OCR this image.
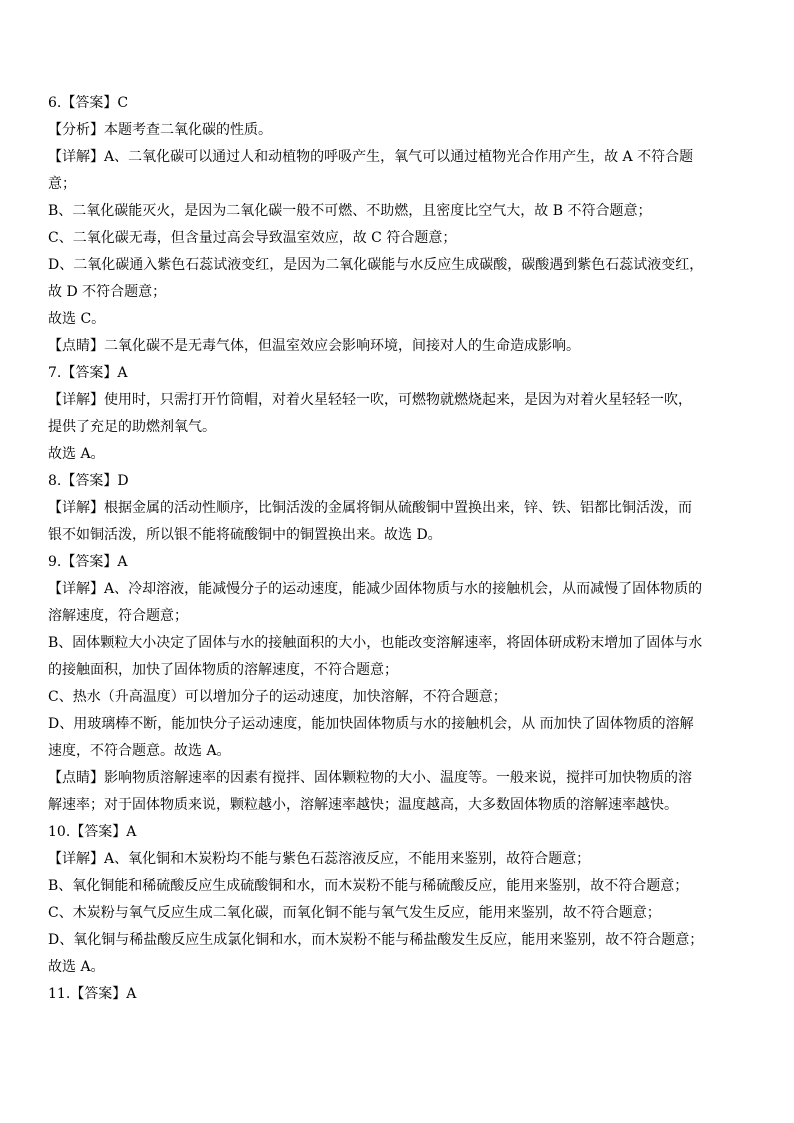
6.【答案】C
【分析】本题考查二氧化碳的性质。
【详解】A、二氧化碳可以通过人和动植物的呼吸产生，氧气可以通过植物光合作用产生，故 A 不符合题
意；
B、二氧化碳能灭火，是因为二氧化碳一般不可燃、不助燃，且密度比空气大，故 B 不符合题意；
C、二氧化碳无毒，但含量过高会导致温室效应，故 C 符合题意；
D、二氧化碳通入紫色石蕊试液变红，是因为二氧化碳能与水反应生成碳酸，碳酸遇到紫色石蕊试液变红，
故 D 不符合题意；
故选 C。
【点睛】二氧化碳不是无毒气体，但温室效应会影响环境，间接对人的生命造成影响。
7.【答案】A
【详解】使用时，只需打开竹筒帽，对着火星轻轻一吹，可燃物就燃烧起来，是因为对着火星轻轻一吹，
提供了充足的助燃剂氧气。
故选 A。
8.【答案】D
【详解】根据金属的活动性顺序，比铜活泼的金属将铜从硫酸铜中置换出来，锌、铁、铝都比铜活泼，而
银不如铜活泼，所以银不能将硫酸铜中的铜置换出来。故选 D。
9.【答案】A
【详解】A、冷却溶液，能减慢分子的运动速度，能减少固体物质与水的接触机会，从而减慢了固体物质的
溶解速度，符合题意；
B、固体颗粒大小决定了固体与水的接触面积的大小，也能改变溶解速率，将固体研成粉末增加了固体与水
的接触面积，加快了固体物质的溶解速度，不符合题意；
C、热水（升高温度）可以增加分子的运动速度，加快溶解，不符合题意；
D、用玻璃棒不断，能加快分子运动速度，能加快固体物质与水的接触机会，从 而加快了固体物质的溶解
速度，不符合题意。故选 A。
【点睛】影响物质溶解速率的因素有搅拌、固体颗粒物的大小、温度等。一般来说，搅拌可加快物质的溶
解速率；对于固体物质来说，颗粒越小，溶解速率越快；温度越高，大多数固体物质的溶解速率越快。
10.【答案】A
【详解】A、氧化铜和木炭粉均不能与紫色石蕊溶液反应，不能用来鉴别，故符合题意；
B、氧化铜能和稀硫酸反应生成硫酸铜和水，而木炭粉不能与稀硫酸反应，能用来鉴别，故不符合题意；
C、木炭粉与氧气反应生成二氧化碳，而氧化铜不能与氧气发生反应，能用来鉴别，故不符合题意；
D、氧化铜与稀盐酸反应生成氯化铜和水，而木炭粉不能与稀盐酸发生反应，能用来鉴别，故不符合题意；
故选 A。
11.【答案】A
